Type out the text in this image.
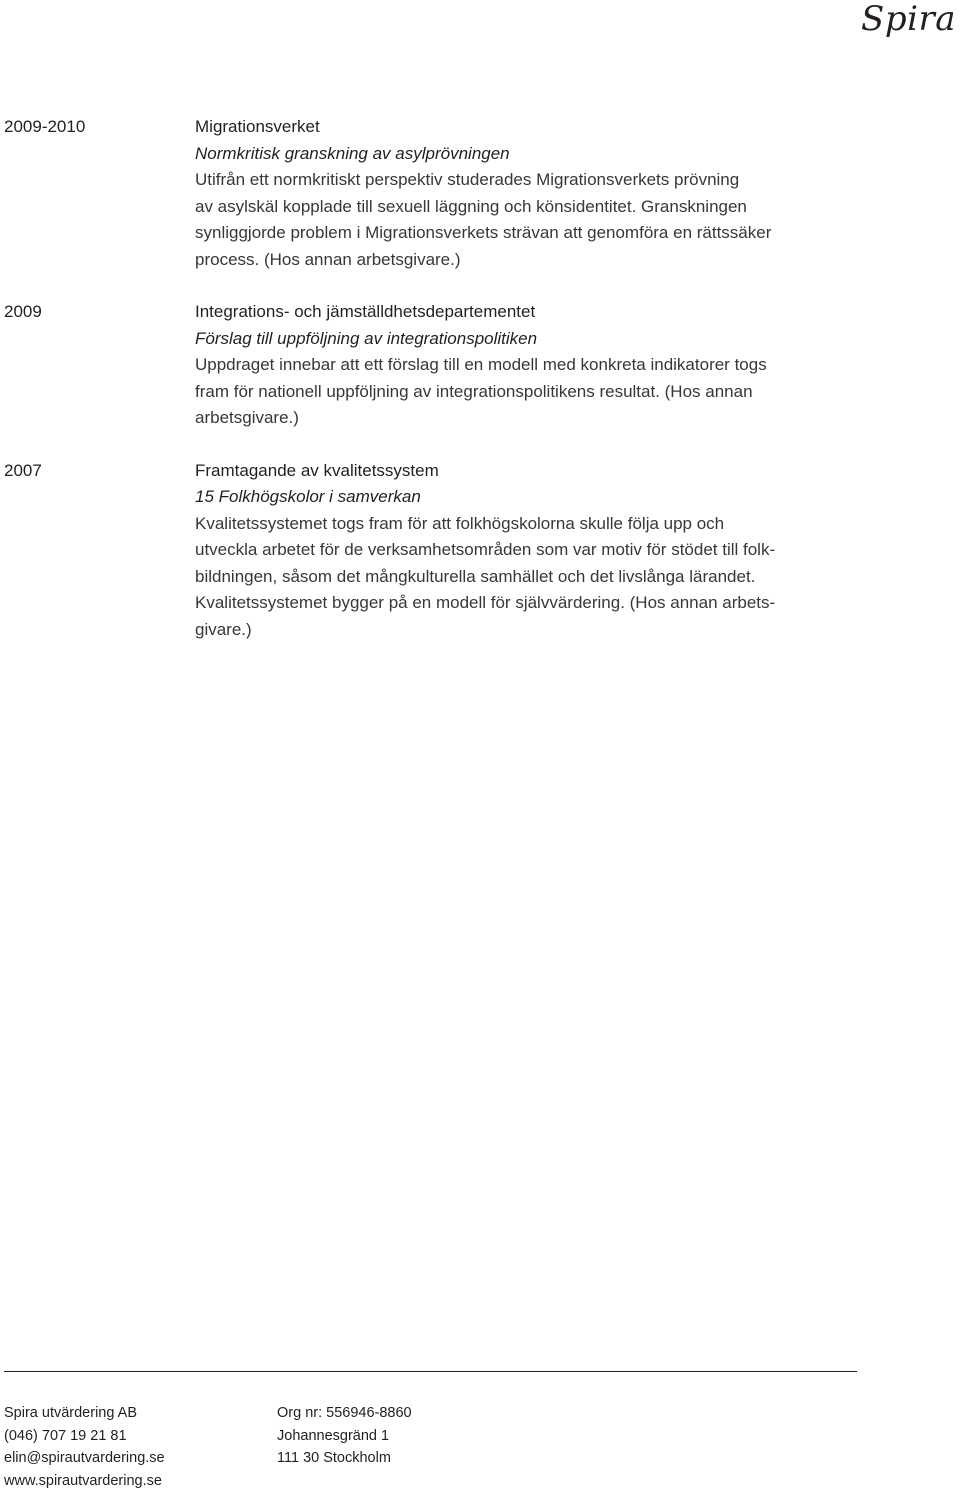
Spira
2009-2010	Migrationsverket
Normkritisk granskning av asylprövningen
Utifrån ett normkritiskt perspektiv studerades Migrationsverkets prövning
av asylskäl kopplade till sexuell läggning och könsidentitet. Granskningen
synliggjorde problem i Migrationsverkets strävan att genomföra en rättssäker
process. (Hos annan arbetsgivare.)
2009	Integrations- och jämställdhetsdepartementet
Förslag till uppföljning av integrationspolitiken
Uppdraget innebar att ett förslag till en modell med konkreta indikatorer togs
fram för nationell uppföljning av integrationspolitikens resultat. (Hos annan
arbetsgivare.)
2007	Framtagande av kvalitetssystem
15 Folkhögskolor i samverkan
Kvalitetssystemet togs fram för att folkhögskolorna skulle följa upp och
utveckla arbetet för de verksamhetsområden som var motiv för stödet till folk-
bildningen, såsom det mångkulturella samhället och det livslånga lärandet.
Kvalitetssystemet bygger på en modell för självvärdering. (Hos annan arbets-
givare.)
Spira utvärdering AB
(046) 707 19 21 81
elin@spirautvardering.se
www.spirautvardering.se
Org nr: 556946-8860
Johannesgränd 1
111 30 Stockholm
